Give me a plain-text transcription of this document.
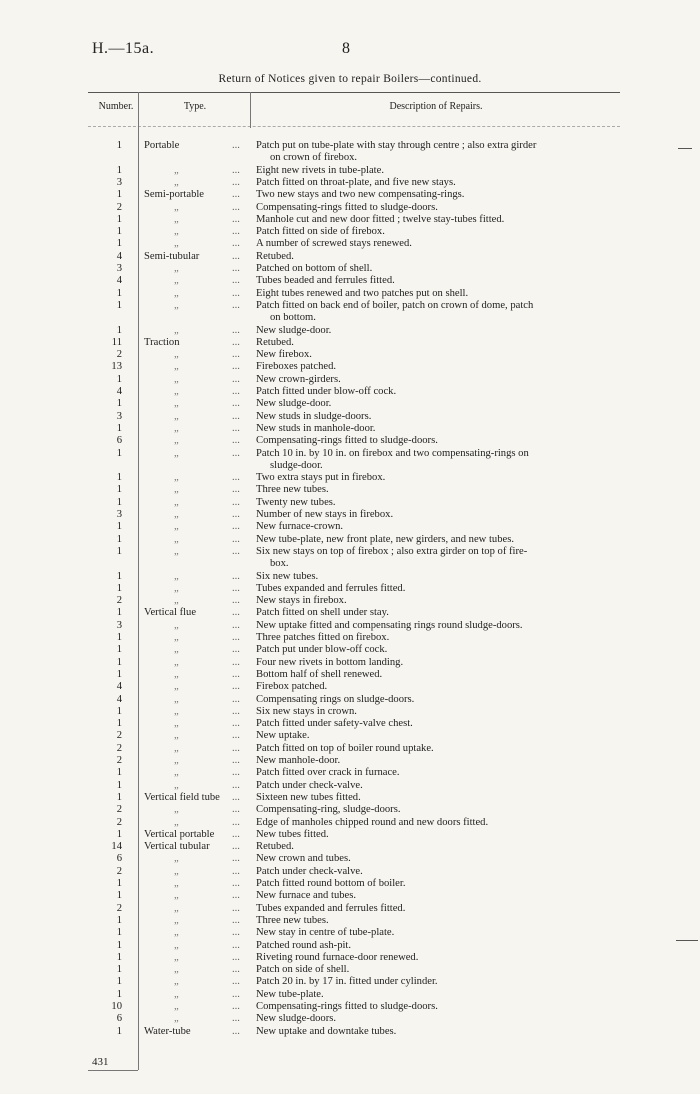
H.—15a.	8
Return of Notices given to repair Boilers—continued.
Number.	Type.	Description of Repairs.
1 Portable	...	Patch put on tube-plate with stay through centre ; also extra girder
on crown of firebox.
1	„	...	Eight new rivets in tube-plate.
3	„	...	Patch fitted on throat-plate, and five new stays.
1 Semi-portable	...	Two new stays and two new compensating-rings.
2	„	...	Compensating-rings fitted to sludge-doors.
1	„	...	Manhole cut and new door fitted ; twelve stay-tubes fitted.
1	„	...	Patch fitted on side of firebox.
1	„	...	A number of screwed stays renewed.
4 Semi-tubular	...	Retubed.
3	„	...	Patched on bottom of shell.
4	„	...	Tubes beaded and ferrules fitted.
1	„	...	Eight tubes renewed and two patches put on shell.
1	„	...	Patch fitted on back end of boiler, patch on crown of dome, patch
on bottom.
1	„	...	New sludge-door.
11 Traction	...	Retubed.
2	„	...	New firebox.
13	„	...	Fireboxes patched.
1	„	...	New crown-girders.
4	„	...	Patch fitted under blow-off cock.
1	„	...	New sludge-door.
3	„	...	New studs in sludge-doors.
1	„	...	New studs in manhole-door.
6	„	...	Compensating-rings fitted to sludge-doors.
1	„	...	Patch 10 in. by 10 in. on firebox and two compensating-rings on
sludge-door.
1	„	...	Two extra stays put in firebox.
1	„	...	Three new tubes.
1	„	...	Twenty new tubes.
3	„	...	Number of new stays in firebox.
1	„	...	New furnace-crown.
1	„	...	New tube-plate, new front plate, new girders, and new tubes.
1	„	...	Six new stays on top of firebox ; also extra girder on top of fire-
box.
1	„	...	Six new tubes.
1	„	...	Tubes expanded and ferrules fitted.
2	„	...	New stays in firebox.
1 Vertical flue	...	Patch fitted on shell under stay.
3	„	...	New uptake fitted and compensating rings round sludge-doors.
1	„	...	Three patches fitted on firebox.
1	„	...	Patch put under blow-off cock.
1	„	...	Four new rivets in bottom landing.
1	„	...	Bottom half of shell renewed.
4	„	...	Firebox patched.
4	„	...	Compensating rings on sludge-doors.
1	„	...	Six new stays in crown.
1	„	...	Patch fitted under safety-valve chest.
2	„	...	New uptake.
2	„	...	Patch fitted on top of boiler round uptake.
2	„	...	New manhole-door.
1	„	...	Patch fitted over crack in furnace.
1	„	...	Patch under check-valve.
1 Vertical field tube	...	Sixteen new tubes fitted.
2	„	...	Compensating-ring, sludge-doors.
2	„	...	Edge of manholes chipped round and new doors fitted.
1 Vertical portable	...	New tubes fitted.
14 Vertical tubular	...	Retubed.
6	„	...	New crown and tubes.
2	„	...	Patch under check-valve.
1	„	...	Patch fitted round bottom of boiler.
1	„	...	New furnace and tubes.
2	„	...	Tubes expanded and ferrules fitted.
1	„	...	Three new tubes.
1	„	...	New stay in centre of tube-plate.
1	„	...	Patched round ash-pit.
1	„	...	Riveting round furnace-door renewed.
1	„	...	Patch on side of shell.
1	„	...	Patch 20 in. by 17 in. fitted under cylinder.
1	„	...	New tube-plate.
10	„	...	Compensating-rings fitted to sludge-doors.
6	„	...	New sludge-doors.
1 Water-tube	...	New uptake and downtake tubes.
431
